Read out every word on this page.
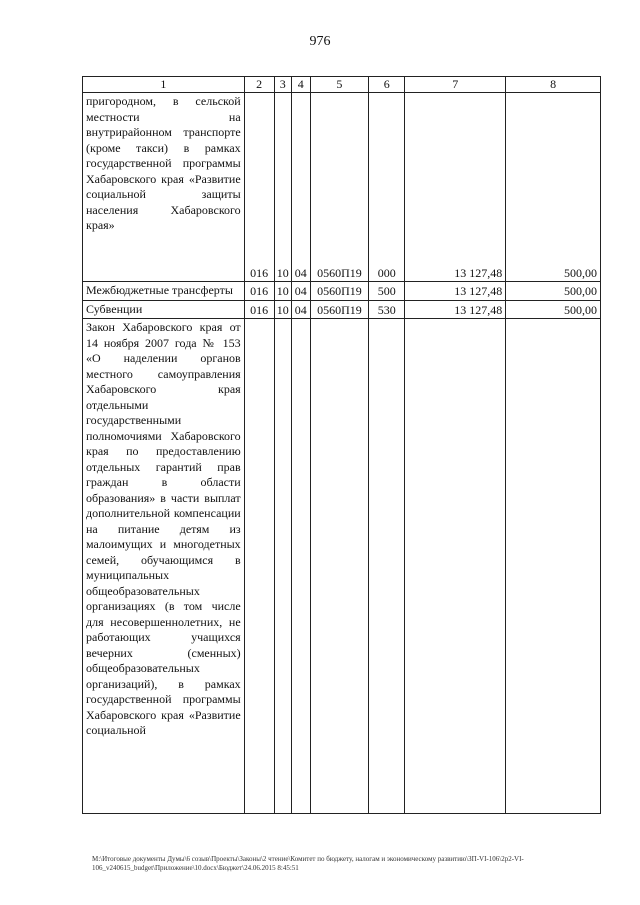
976
1	2	3	4	5	6	7	8
пригородном, в сельской местности на внутрирайонном транспорте (кроме такси) в рамках государственной программы Хабаровского края «Развитие социальной защиты населения Хабаровского края»	016	10	04	0560П19	000	13 127,48	500,00
Межбюджетные трансферты	016	10	04	0560П19	500	13 127,48	500,00
Субвенции	016	10	04	0560П19	530	13 127,48	500,00
Закон Хабаровского края от 14 ноября 2007 года № 153 «О наделении органов местного самоуправления Хабаровского края отдельными государственными полномочиями Хабаровского края по предоставлению отдельных гарантий прав граждан в области образования» в части выплат дополнительной компенсации на питание детям из малоимущих и многодетных семей, обучающимся в муниципальных общеобразовательных организациях (в том числе для несовершеннолетних, не работающих учащихся вечерних (сменных) общеобразовательных организаций), в рамках государственной программы Хабаровского края «Развитие социальной							
М:\Итоговые документы Думы\6 созыв\Проекты\Законы\2 чтение\Комитет по бюджету, налогам и экономическому развитию\ЗП-VI-106\2р2-VI-106_v240615_budget\Приложение\10.docx\Бюджет\24.06.2015 8:45:51
